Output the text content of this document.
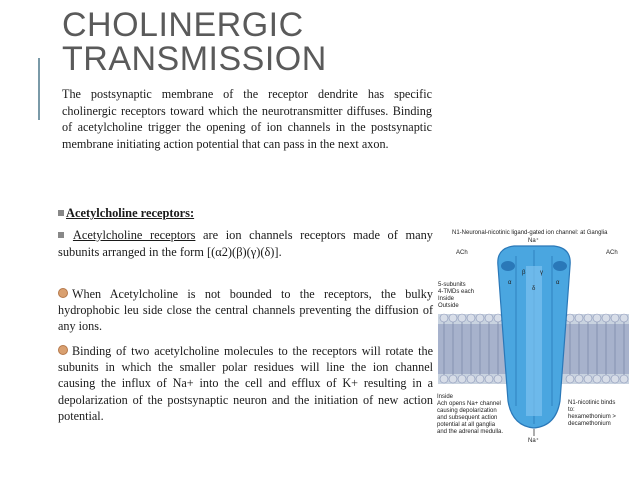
CHOLINERGIC
TRANSMISSION
The postsynaptic membrane of the receptor dendrite has specific cholinergic receptors toward which the neurotransmitter diffuses. Binding of acetylcholine trigger the opening of ion channels in the postsynaptic membrane initiating action potential that can pass in the next axon.
Acetylcholine receptors:
Acetylcholine receptors are ion channels receptors made of many subunits arranged in the form [(α2)(β)(γ)(δ)].
When Acetylcholine is not bounded to the receptors, the bulky hydrophobic leu side close the central channels preventing the diffusion of any ions.
Binding of two acetylcholine molecules to the receptors will rotate the subunits in which the smaller polar residues will line the ion channel causing the influx of Na+ into the cell and efflux of K+ resulting in a depolarization of the postsynaptic neuron and the initiation of new action potential.
N1-Neuronal-nicotinic ligand-gated ion channel: at Ganglia
ACh	ACh
Na⁺
α	α
β γ
δ
5-subunits
4-TMDs each
Inside
Outside
Inside
Ach opens Na+ channel
causing depolarization
and subsequent action
potential at all ganglia
and the adrenal medulla.
N1-nicotinic binds
to:
hexamethonium >
decamethonium
Na⁺
